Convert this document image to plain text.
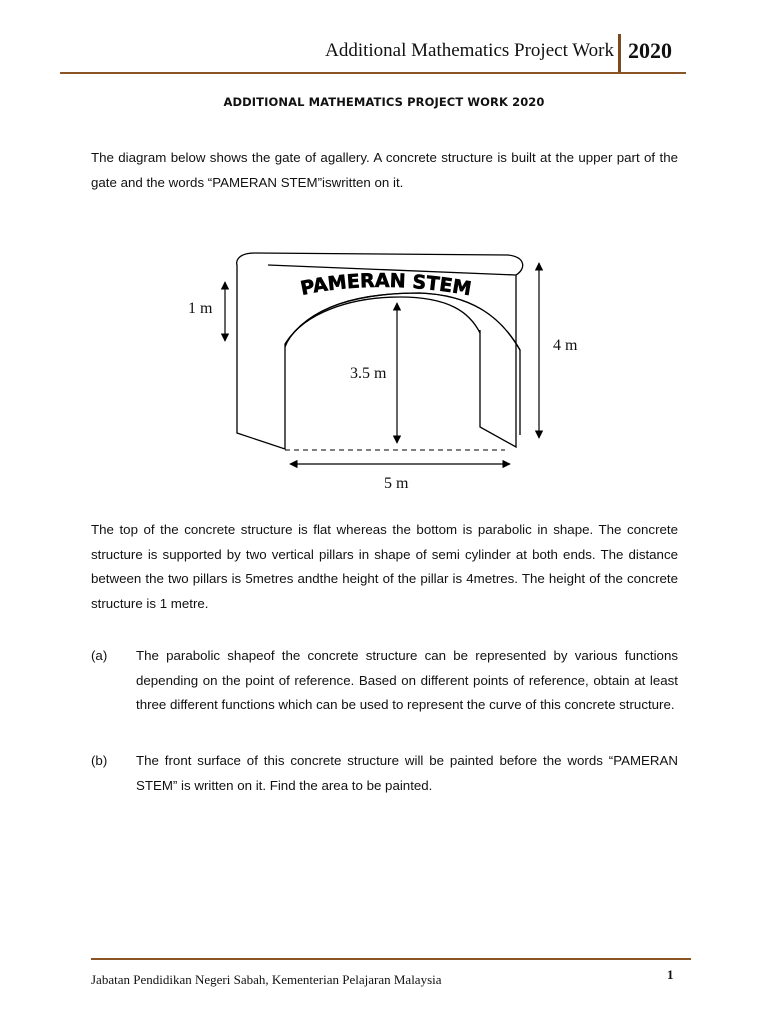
Additional Mathematics Project Work 2020
ADDITIONAL MATHEMATICS PROJECT WORK 2020

The diagram below shows the gate of agallery. A concrete structure is built at the upper part of the gate and the words “PAMERAN STEM”iswritten on it.

PAMERAN STEM
1 m
3.5 m
4 m
5 m

The top of the concrete structure is flat whereas the bottom is parabolic in shape. The concrete structure is supported by two vertical pillars in shape of semi cylinder at both ends. The distance between the two pillars is 5metres andthe height of the pillar is 4metres. The height of the concrete structure is 1 metre.

(a) The parabolic shapeof the concrete structure can be represented by various functions depending on the point of reference. Based on different points of reference, obtain at least three different functions which can be used to represent the curve of this concrete structure.

(b) The front surface of this concrete structure will be painted before the words “PAMERAN STEM” is written on it. Find the area to be painted.

Jabatan Pendidikan Negeri Sabah, Kementerian Pelajaran Malaysia	1
